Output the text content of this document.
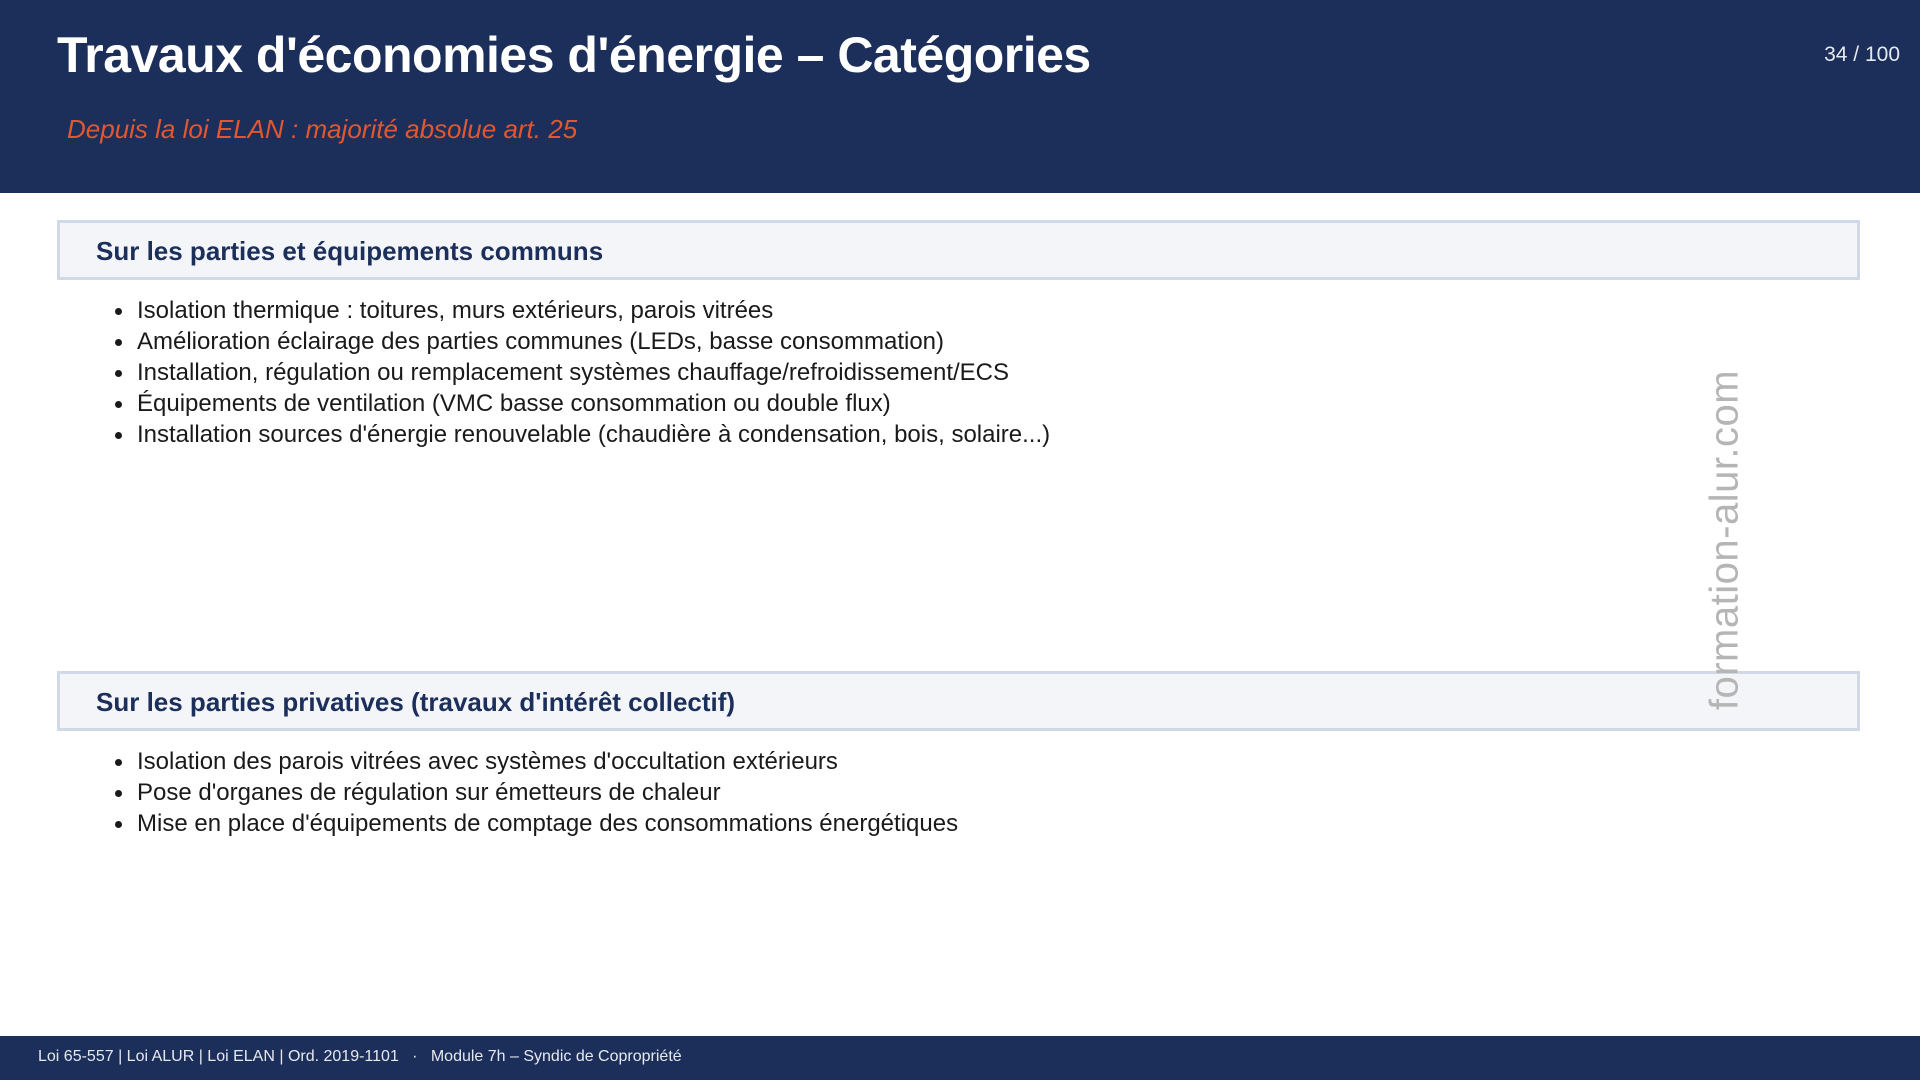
Travaux d'économies d'énergie – Catégories
Depuis la loi ELAN : majorité absolue art. 25
34 / 100
Sur les parties et équipements communs
Isolation thermique : toitures, murs extérieurs, parois vitrées
Amélioration éclairage des parties communes (LEDs, basse consommation)
Installation, régulation ou remplacement systèmes chauffage/refroidissement/ECS
Équipements de ventilation (VMC basse consommation ou double flux)
Installation sources d'énergie renouvelable (chaudière à condensation, bois, solaire...)
Sur les parties privatives (travaux d'intérêt collectif)
Isolation des parois vitrées avec systèmes d'occultation extérieurs
Pose d'organes de régulation sur émetteurs de chaleur
Mise en place d'équipements de comptage des consommations énergétiques
formation-alur.com
Loi 65-557 | Loi ALUR | Loi ELAN | Ord. 2019-1101   ·   Module 7h – Syndic de Copropriété
